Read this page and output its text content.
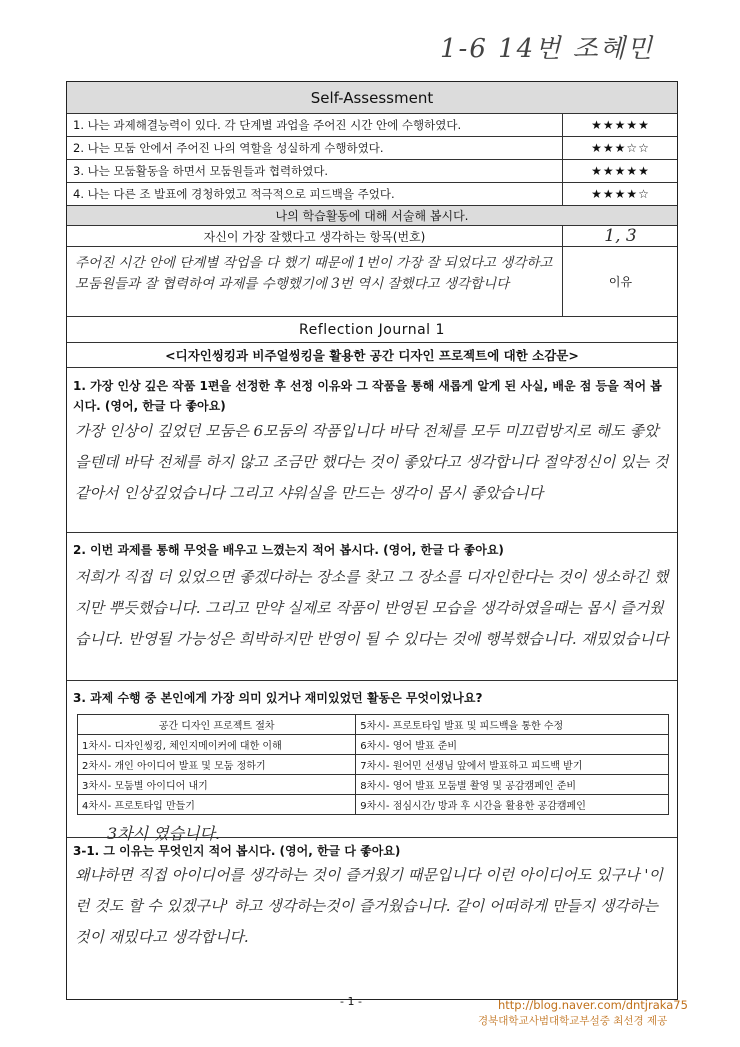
1-6 14번 조혜민
Self-Assessment
1. 나는 과제해결능력이 있다. 각 단계별 과업을 주어진 시간 안에 수행하였다.	★★★★★
2. 나는 모둠 안에서 주어진 나의 역할을 성실하게 수행하였다.	★★★☆☆
3. 나는 모둠활동을 하면서 모둠원들과 협력하였다.	★★★★★
4. 나는 다른 조 발표에 경청하였고 적극적으로 피드백을 주었다.	★★★★☆
나의 학습활동에 대해 서술해 봅시다.
자신이 가장 잘했다고 생각하는 항목(번호)	1, 3
주어진 시간 안에 단계별 작업을 다 했기 때문에 1번이 가장 잘 되었다고 생각하고 모둠원들과 잘 협력하여 과제를 수행했기에 3번 역시 잘했다고 생각합니다	이유
Reflection Journal 1
<디자인씽킹과 비주얼씽킹을 활용한 공간 디자인 프로젝트에 대한 소감문>
1. 가장 인상 깊은 작품 1편을 선정한 후 선정 이유와 그 작품을 통해 새롭게 알게 된 사실, 배운 점 등을 적어 봅시다. (영어, 한글 다 좋아요)
가장 인상이 깊었던 모둠은 6모둠의 작품입니다 바닥 전체를 모두 미끄럼방지로 해도 좋았을텐데 바닥 전체를 하지 않고 조금만 했다는 것이 좋았다고 생각합니다 절약정신이 있는 것 같아서 인상깊었습니다 그리고 샤워실을 만드는 생각이 몹시 좋았습니다
2. 이번 과제를 통해 무엇을 배우고 느꼈는지 적어 봅시다. (영어, 한글 다 좋아요)
저희가 직접 더 있었으면 좋겠다하는 장소를 찾고 그 장소를 디자인한다는 것이 생소하긴 했지만 뿌듯했습니다. 그리고 만약 실제로 작품이 반영된 모습을 생각하였을때는 몹시 즐거웠습니다. 반영될 가능성은 희박하지만 반영이 될 수 있다는 것에 행복했습니다. 재밌었습니다
3. 과제 수행 중 본인에게 가장 의미 있거나 재미있었던 활동은 무엇이었나요?
공간 디자인 프로젝트 절차	5차시- 프로토타입 발표 및 피드백을 통한 수정
1차시- 디자인씽킹, 체인지메이커에 대한 이해	6차시- 영어 발표 준비
2차시- 개인 아이디어 발표 및 모둠 정하기	7차시- 원어민 선생님 앞에서 발표하고 피드백 받기
3차시- 모둠별 아이디어 내기	8차시- 영어 발표 모둠별 촬영 및 공감캠페인 준비
4차시- 프로토타입 만들기	9차시- 점심시간/ 방과 후 시간을 활용한 공감캠페인
3차시 였습니다.
3-1. 그 이유는 무엇인지 적어 봅시다. (영어, 한글 다 좋아요)
왜냐하면 직접 아이디어를 생각하는 것이 즐거웠기 때문입니다 이런 아이디어도 있구나 '이런 것도 할 수 있겠구나' 하고 생각하는것이 즐거웠습니다. 같이 어떠하게 만들지 생각하는 것이 재밌다고 생각합니다.
- 1 -	http://blog.naver.com/dntjraka75
경북대학교사범대학교부설중 최선경 제공
